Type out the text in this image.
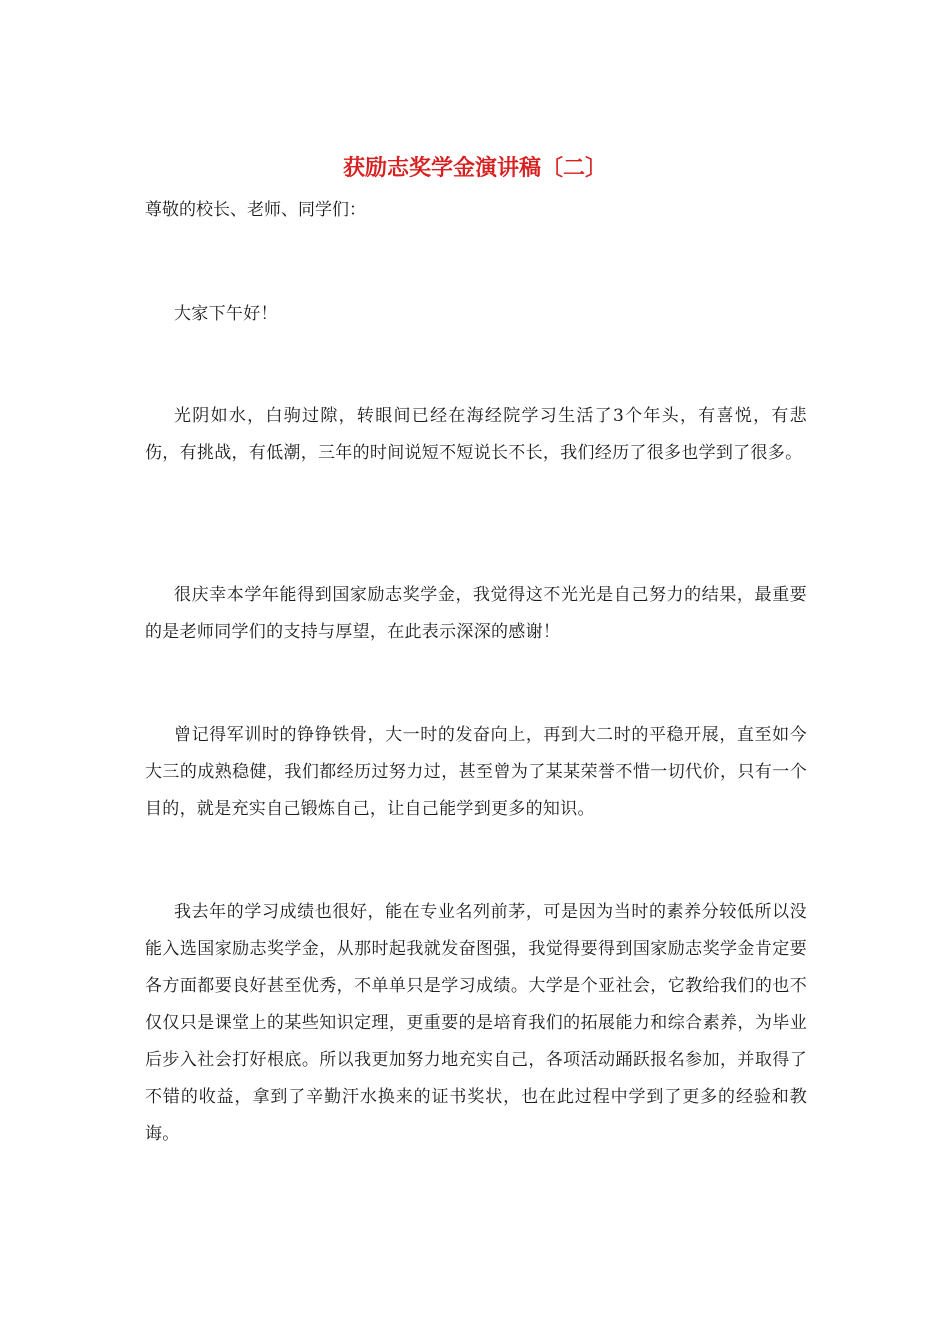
获励志奖学金演讲稿〔二〕

尊敬的校长、老师、同学们：

大家下午好！

光阴如水，白驹过隙，转眼间已经在海经院学习生活了3个年头，有喜悦，有悲伤，有挑战，有低潮，三年的时间说短不短说长不长，我们经历了很多也学到了很多。

很庆幸本学年能得到国家励志奖学金，我觉得这不光光是自己努力的结果，最重要的是老师同学们的支持与厚望，在此表示深深的感谢！

曾记得军训时的铮铮铁骨，大一时的发奋向上，再到大二时的平稳开展，直至如今大三的成熟稳健，我们都经历过努力过，甚至曾为了某某荣誉不惜一切代价，只有一个目的，就是充实自己锻炼自己，让自己能学到更多的知识。

我去年的学习成绩也很好，能在专业名列前茅，可是因为当时的素养分较低所以没能入选国家励志奖学金，从那时起我就发奋图强，我觉得要得到国家励志奖学金肯定要各方面都要良好甚至优秀，不单单只是学习成绩。大学是个亚社会，它教给我们的也不仅仅只是课堂上的某些知识定理，更重要的是培育我们的拓展能力和综合素养，为毕业后步入社会打好根底。所以我更加努力地充实自己，各项活动踊跃报名参加，并取得了不错的收益，拿到了辛勤汗水换来的证书奖状，也在此过程中学到了更多的经验和教诲。
